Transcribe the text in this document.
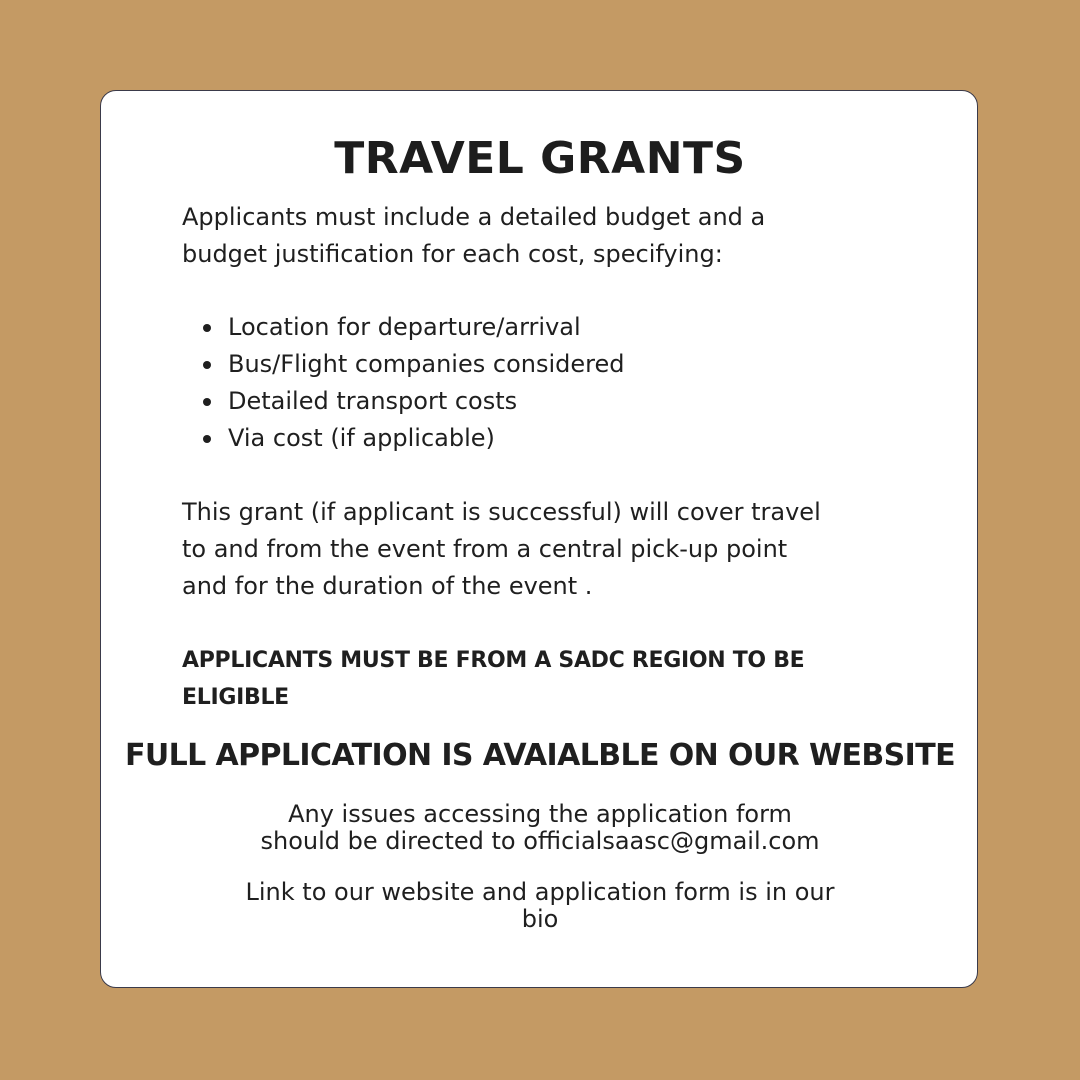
TRAVEL GRANTS

Applicants must include a detailed budget and a
budget justification for each cost, specifying:

Location for departure/arrival
Bus/Flight companies considered
Detailed transport costs
Via cost (if applicable)

This grant (if applicant is successful) will cover travel
to and from the event from a central pick-up point
and for the duration of the event .

APPLICANTS MUST BE FROM A SADC REGION TO BE
ELIGIBLE

FULL APPLICATION IS AVAIALBLE ON OUR WEBSITE

Any issues accessing the application form
should be directed to officialsaasc@gmail.com

Link to our website and application form is in our
bio
